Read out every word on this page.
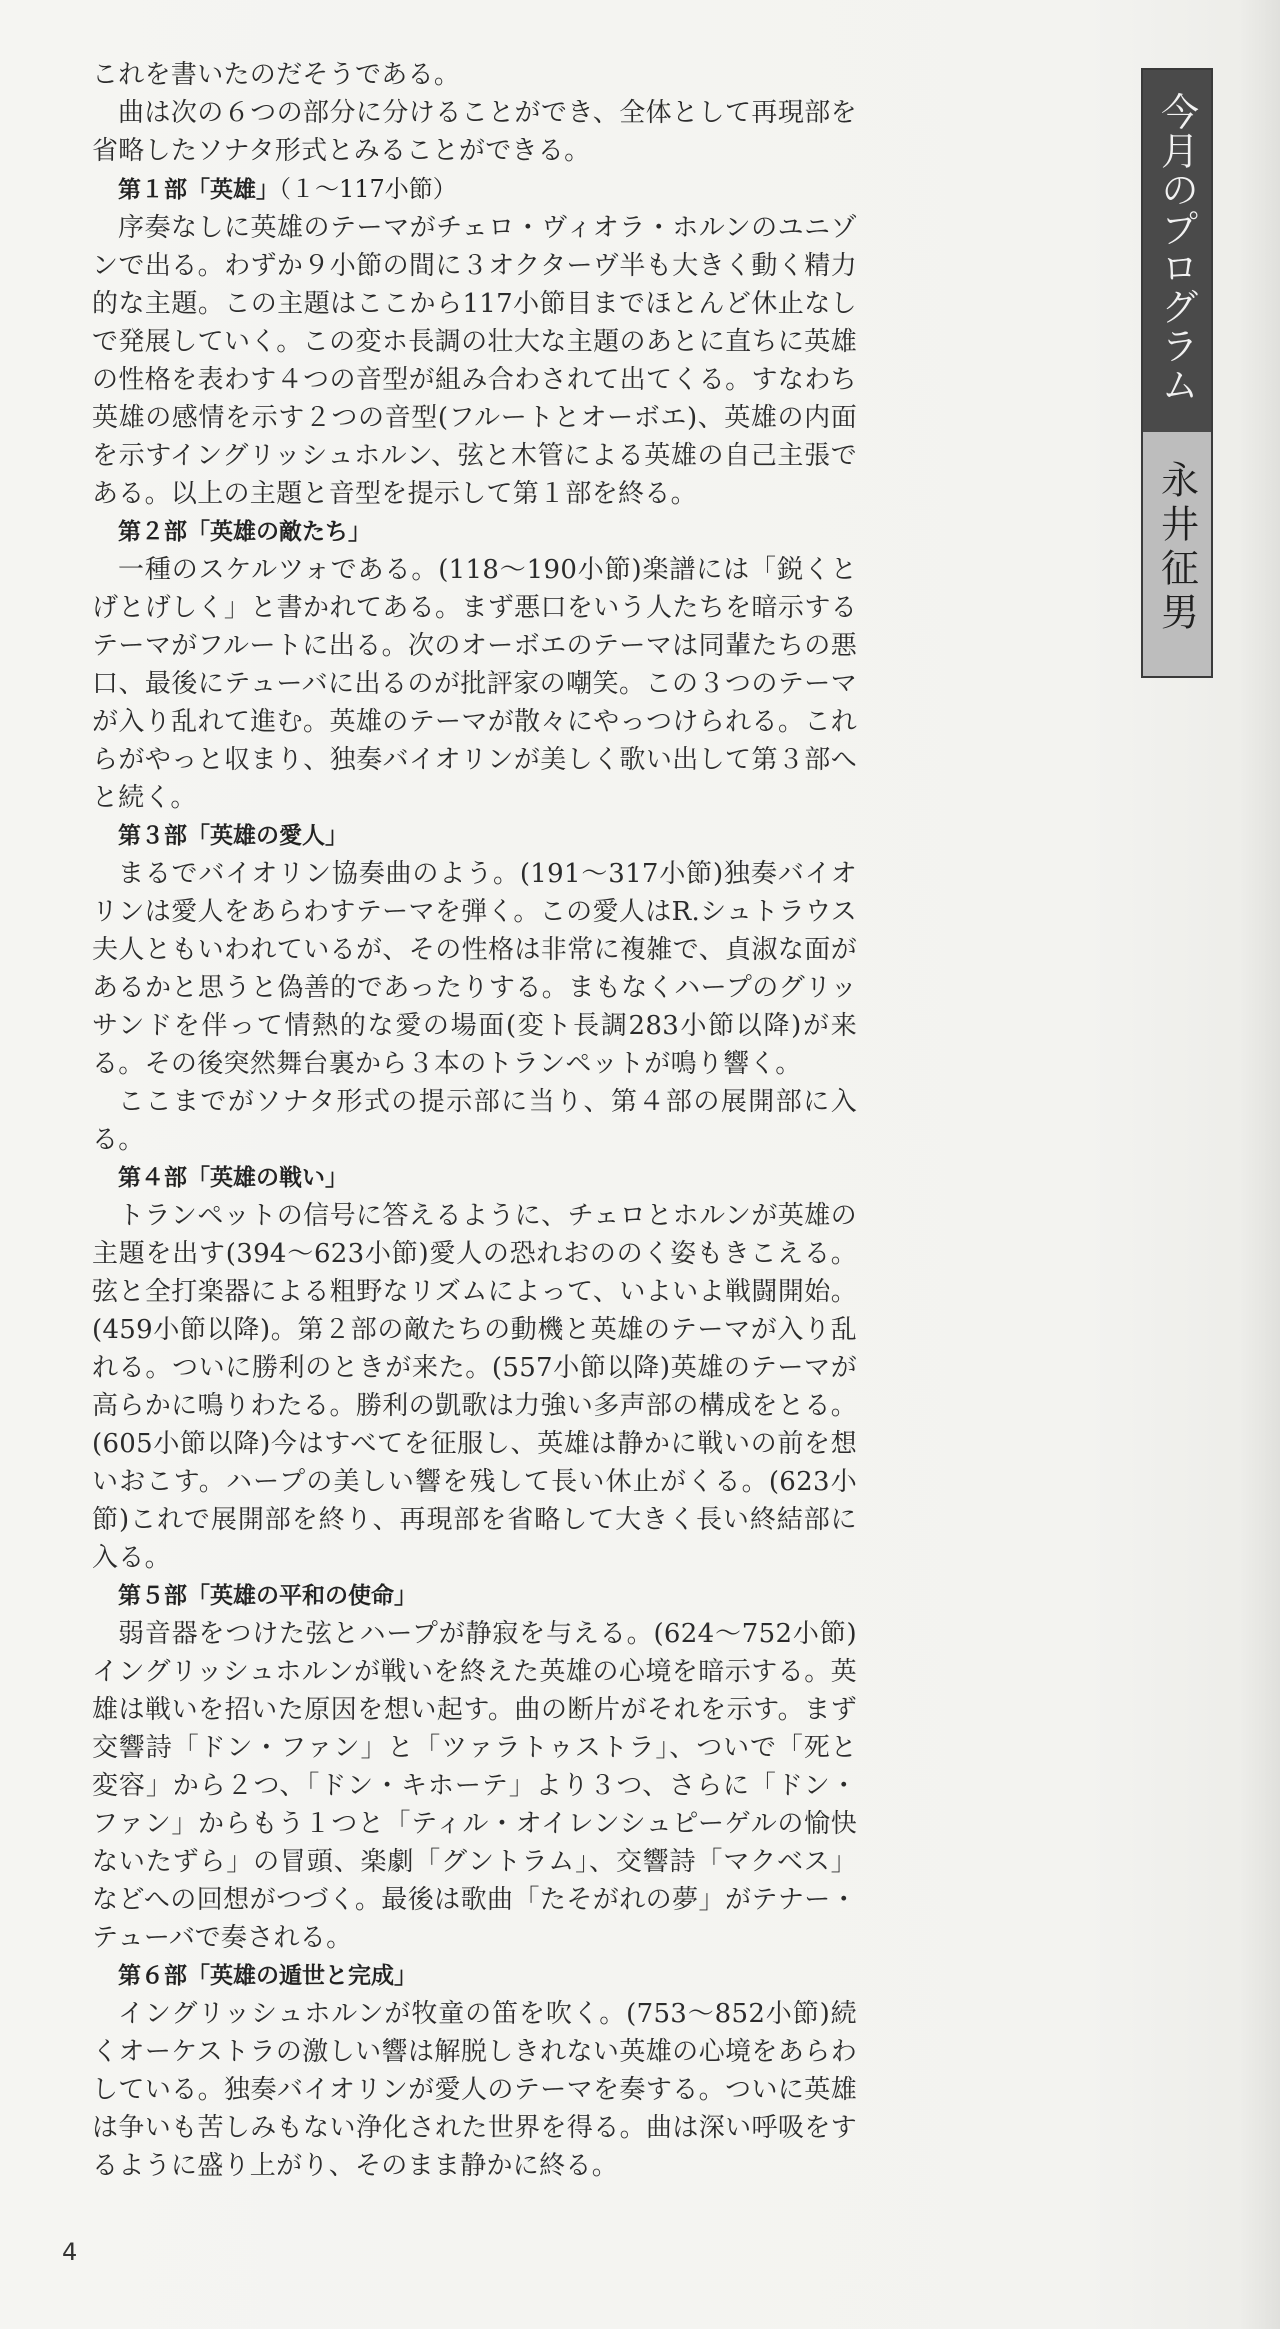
これを書いたのだそうである。

曲は次の６つの部分に分けることができ、全体として再現部を省略したソナタ形式とみることができる。

第１部「英雄」（１～117小節）

序奏なしに英雄のテーマがチェロ・ヴィオラ・ホルンのユニゾンで出る。わずか９小節の間に３オクターヴ半も大きく動く精力的な主題。この主題はここから117小節目までほとんど休止なしで発展していく。この変ホ長調の壮大な主題のあとに直ちに英雄の性格を表わす４つの音型が組み合わされて出てくる。すなわち英雄の感情を示す２つの音型(フルートとオーボエ)、英雄の内面を示すイングリッシュホルン、弦と木管による英雄の自己主張である。以上の主題と音型を提示して第１部を終る。

第２部「英雄の敵たち」

一種のスケルツォである。(118～190小節)楽譜には「鋭くとげとげしく」と書かれてある。まず悪口をいう人たちを暗示するテーマがフルートに出る。次のオーボエのテーマは同輩たちの悪口、最後にテューバに出るのが批評家の嘲笑。この３つのテーマが入り乱れて進む。英雄のテーマが散々にやっつけられる。これらがやっと収まり、独奏バイオリンが美しく歌い出して第３部へと続く。

第３部「英雄の愛人」

まるでバイオリン協奏曲のよう。(191～317小節)独奏バイオリンは愛人をあらわすテーマを弾く。この愛人はR.シュトラウス夫人ともいわれているが、その性格は非常に複雑で、貞淑な面があるかと思うと偽善的であったりする。まもなくハープのグリッサンドを伴って情熱的な愛の場面(変ト長調283小節以降)が来る。その後突然舞台裏から３本のトランペットが鳴り響く。

ここまでがソナタ形式の提示部に当り、第４部の展開部に入る。

第４部「英雄の戦い」

トランペットの信号に答えるように、チェロとホルンが英雄の主題を出す(394～623小節)愛人の恐れおののく姿もきこえる。弦と全打楽器による粗野なリズムによって、いよいよ戦闘開始。(459小節以降)。第２部の敵たちの動機と英雄のテーマが入り乱れる。ついに勝利のときが来た。(557小節以降)英雄のテーマが高らかに鳴りわたる。勝利の凱歌は力強い多声部の構成をとる。(605小節以降)今はすべてを征服し、英雄は静かに戦いの前を想いおこす。ハープの美しい響を残して長い休止がくる。(623小節)これで展開部を終り、再現部を省略して大きく長い終結部に入る。

第５部「英雄の平和の使命」

弱音器をつけた弦とハープが静寂を与える。(624～752小節)イングリッシュホルンが戦いを終えた英雄の心境を暗示する。英雄は戦いを招いた原因を想い起す。曲の断片がそれを示す。まず交響詩「ドン・ファン」と「ツァラトゥストラ」、ついで「死と変容」から２つ、「ドン・キホーテ」より３つ、さらに「ドン・ファン」からもう１つと「ティル・オイレンシュピーゲルの愉快ないたずら」の冒頭、楽劇「グントラム」、交響詩「マクベス」などへの回想がつづく。最後は歌曲「たそがれの夢」がテナー・テューバで奏される。

第６部「英雄の遁世と完成」

イングリッシュホルンが牧童の笛を吹く。(753～852小節)続くオーケストラの激しい響は解脱しきれない英雄の心境をあらわしている。独奏バイオリンが愛人のテーマを奏する。ついに英雄は争いも苦しみもない浄化された世界を得る。曲は深い呼吸をするように盛り上がり、そのまま静かに終る。

今月のプログラム
永井征男
4
